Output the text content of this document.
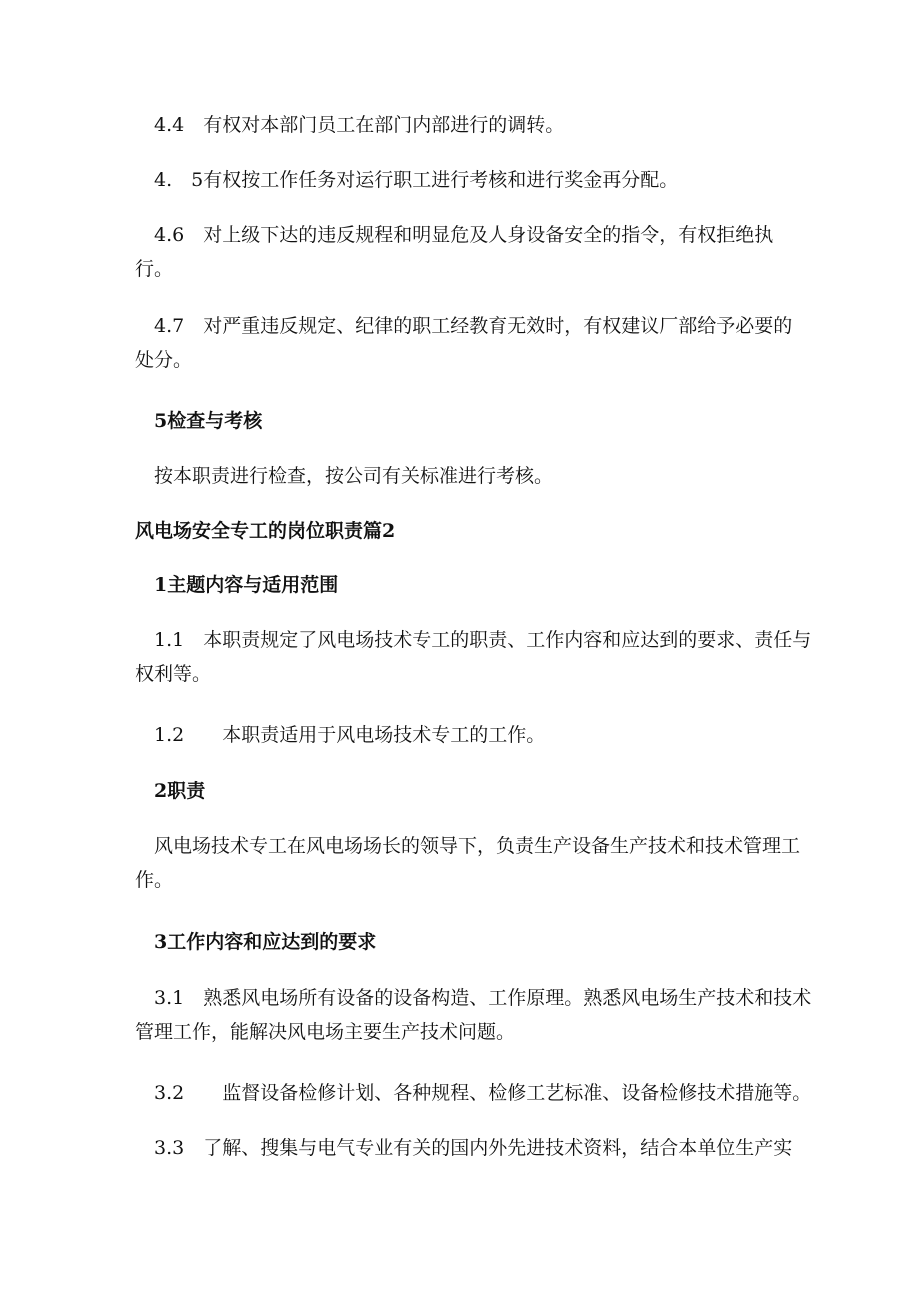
　4.4　有权对本部门员工在部门内部进行的调转。
　4.　5有权按工作任务对运行职工进行考核和进行奖金再分配。
　4.6　对上级下达的违反规程和明显危及人身设备安全的指令，有权拒绝执
行。
　4.7　对严重违反规定、纪律的职工经教育无效时，有权建议厂部给予必要的
处分。
　5检查与考核
　按本职责进行检查，按公司有关标准进行考核。
风电场安全专工的岗位职责篇2
　1主题内容与适用范围
　1.1　本职责规定了风电场技术专工的职责、工作内容和应达到的要求、责任与
权利等。
　1.2　　本职责适用于风电场技术专工的工作。
　2职责
　风电场技术专工在风电场场长的领导下，负责生产设备生产技术和技术管理工
作。
　3工作内容和应达到的要求
　3.1　熟悉风电场所有设备的设备构造、工作原理。熟悉风电场生产技术和技术
管理工作，能解决风电场主要生产技术问题。
　3.2　　监督设备检修计划、各种规程、检修工艺标准、设备检修技术措施等。
　3.3　了解、搜集与电气专业有关的国内外先进技术资料，结合本单位生产实
